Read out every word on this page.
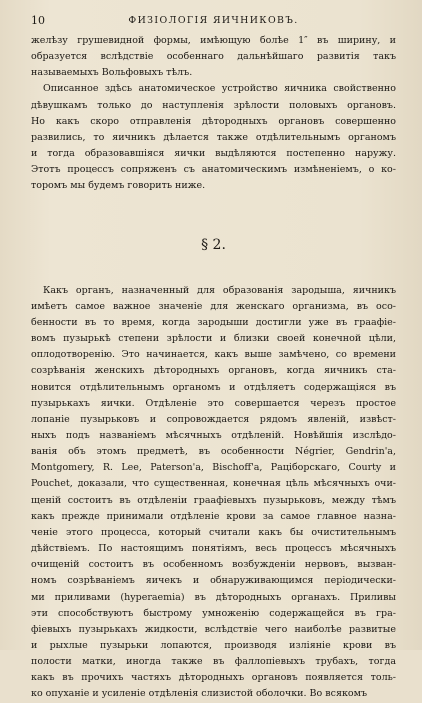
10	ФИЗІОЛОГІЯ ЯИЧНИКОВЪ.
желѣзу грушевидной формы, имѣющую болѣе 1″ въ ширину, и
образуется вслѣдствіе особеннаго дальнѣйшаго развитія такъ
называемыхъ Вольфовыхъ тѣлъ.
Описанное здѣсь анатомическое устройство яичника свойственно
дѣвушкамъ только до наступленія зрѣлости половыхъ органовъ.
Но какъ скоро отправленія дѣтородныхъ органовъ совершенно
развились, то яичникъ дѣлается также отдѣлительнымъ органомъ
и тогда образовавшіяся яички выдѣляются постепенно наружу.
Этотъ процессъ сопряженъ съ анатомическимъ измѣненіемъ, о ко-
торомъ мы будемъ говорить ниже.
§ 2.
Какъ органъ, назначенный для образованія зародыша, яичникъ
имѣетъ самое важное значеніе для женскаго организма, въ осо-
бенности въ то время, когда зародыши достигли уже въ граафіе-
вомъ пузырькѣ степени зрѣлости и близки своей конечной цѣли,
оплодотворенію. Это начинается, какъ выше замѣчено, со времени
созрѣванія женскихъ дѣтородныхъ органовъ, когда яичникъ ста-
новится отдѣлительнымъ органомъ и отдѣляетъ содержащіяся въ
пузырькахъ яички. Отдѣленіе это совершается черезъ простое
лопаніе пузырьковъ и сопровождается рядомъ явленій, извѣст-
ныхъ подъ названіемъ мѣсячныхъ отдѣленій. Новѣйшія изслѣдо-
ванія объ этомъ предметѣ, въ особенности Négrier, Gendrin'a,
Montgomery, R. Lee, Paterson'a, Bischoff'a, Раціборскаго, Courty и
Pouchet, доказали, что существенная, конечная цѣль мѣсячныхъ очи-
щеній состоитъ въ отдѣленіи граафіевыхъ пузырьковъ, между тѣмъ
какъ прежде принимали отдѣленіе крови за самое главное назна-
ченіе этого процесса, который считали какъ бы очистительнымъ
дѣйствіемъ. По настоящимъ понятіямъ, весь процессъ мѣсячныхъ
очищеній состоитъ въ особенномъ возбужденіи нервовъ, вызван-
номъ созрѣваніемъ яичекъ и обнаруживающимся періодически-
ми приливами (hyperaemia) въ дѣтородныхъ органахъ. Приливы
эти способствуютъ быстрому умноженію содержащейся въ гра-
фіевыхъ пузырькахъ жидкости, вслѣдствіе чего наиболѣе развитые
и рыхлые пузырьки лопаются, производя изліяніе крови въ
полости матки, иногда также въ фаллопіевыхъ трубахъ, тогда
какъ въ прочихъ частяхъ дѣтородныхъ органовъ появляется толь-
ко опуханіе и усиленіе отдѣленія слизистой оболочки. Во всякомъ
